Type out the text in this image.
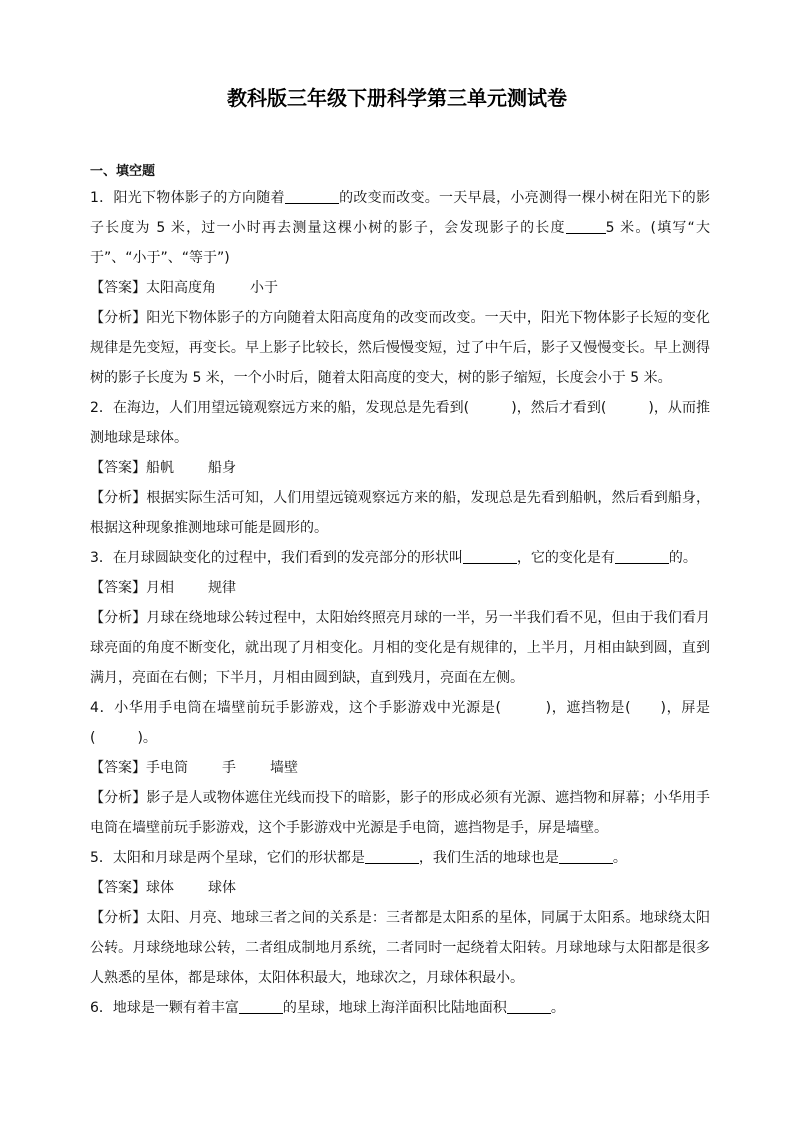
教科版三年级下册科学第三单元测试卷
一、填空题

1．阳光下物体影子的方向随着	的改变而改变。一天早晨，小亮测得一棵小树在阳光下的影子长度为 5 米，过一小时再去测量这棵小树的影子，会发现影子的长度	5 米。(填写“大于”、“小于”、“等于”)

【答案】太阳高度角 小于

【分析】阳光下物体影子的方向随着太阳高度角的改变而改变。一天中，阳光下物体影子长短的变化规律是先变短，再变长。早上影子比较长，然后慢慢变短，过了中午后，影子又慢慢变长。早上测得树的影子长度为 5 米，一个小时后，随着太阳高度的变大，树的影子缩短，长度会小于 5 米。

2．在海边，人们用望远镜观察远方来的船，发现总是先看到(　　　)，然后才看到(　　　)，从而推测地球是球体。

【答案】船帆 船身

【分析】根据实际生活可知，人们用望远镜观察远方来的船，发现总是先看到船帆，然后看到船身，根据这种现象推测地球可能是圆形的。

3．在月球圆缺变化的过程中，我们看到的发亮部分的形状叫	，它的变化是有	的。

【答案】月相 规律

【分析】月球在绕地球公转过程中，太阳始终照亮月球的一半，另一半我们看不见，但由于我们看月球亮面的角度不断变化，就出现了月相变化。月相的变化是有规律的，上半月，月相由缺到圆，直到满月，亮面在右侧；下半月，月相由圆到缺，直到残月，亮面在左侧。

4．小华用手电筒在墙壁前玩手影游戏，这个手影游戏中光源是(　　　)，遮挡物是(　　)，屏是(　　　)。

【答案】手电筒 手 墙壁

【分析】影子是人或物体遮住光线而投下的暗影，影子的形成必须有光源、遮挡物和屏幕；小华用手电筒在墙壁前玩手影游戏，这个手影游戏中光源是手电筒，遮挡物是手，屏是墙壁。

5．太阳和月球是两个星球，它们的形状都是	，我们生活的地球也是	。

【答案】球体 球体

【分析】太阳、月亮、地球三者之间的关系是：三者都是太阳系的星体，同属于太阳系。地球绕太阳公转。月球绕地球公转，二者组成制地月系统，二者同时一起绕着太阳转。月球地球与太阳都是很多人熟悉的星体，都是球体，太阳体积最大，地球次之，月球体积最小。

6．地球是一颗有着丰富	的星球，地球上海洋面积比陆地面积	。
